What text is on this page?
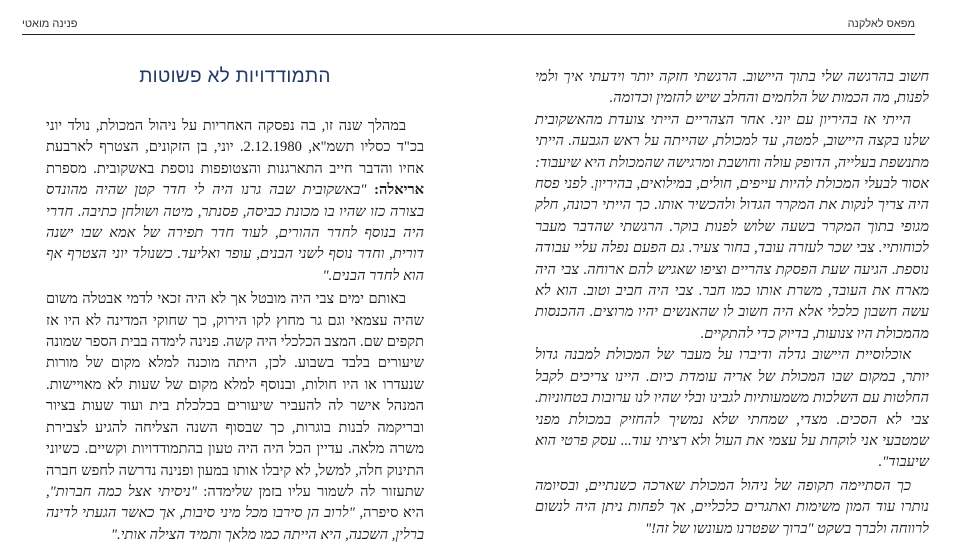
מפאס לאלקנה
פנינה מואטי
התמודדויות לא פשוטות

במהלך שנה זו, בה נפסקה האחריות על ניהול המכולת, נולד יוני בכ"ד כסליו תשמ"א, 2.12.1980. יוני, בן הזקונים, הצטרף לארבעת אחיו והדבר חייב התארגנות והצטופפות נוספת באשקובית. מספרת אריאלה: "באשקובית שבה גרנו היה לי חדר קטן שהיה מהונדס בצורה כזו שהיו בו מכונת כביסה, פסנתר, מיטה ושולחן כתיבה. חדרי היה בנוסף לחדר ההורים, לעוד חדר תפירה של אמא שבו ישנה דורית, וחדר נוסף לשני הבנים, עופר ואליעד. כשנולד יוני הצטרף אף הוא לחדר הבנים."

באותם ימים צבי היה מובטל אך לא היה זכאי לדמי אבטלה משום שהיה עצמאי וגם גר מחוץ לקו הירוק, כך שחוקי המדינה לא היו אז תקפים שם. המצב הכלכלי היה קשה. פנינה לימדה בבית הספר שמונה שיעורים בלבד בשבוע. לכן, היתה מוכנה למלא מקום של מורות שנעדרו או היו חולות, ובנוסף למלא מקום של שעות לא מאויישות. המנהל אישר לה להעביר שיעורים בכלכלת בית ועוד שעות בציור ובריקמה לבנות בוגרות, כך שבסוף השנה הצליחה להגיע לצבירת משרה מלאה. עדיין הכל היה היה טעון בהתמודדויות וקשיים. כשיוני התינוק חלה, למשל, לא קיבלו אותו במעון ופנינה נדרשה לחפש חברה שתעזור לה לשמור עליו בזמן שלימדה: "ניסיתי אצל כמה חברות", היא סיפרה, "לרוב הן סירבו מכל מיני סיבות, אך כאשר הגעתי לדינה ברלין, השכנה, היא הייתה כמו מלאך ותמיד הצילה אותי."

חשוב בהרגשה שלי בתוך היישוב. הרגשתי חזקה יותר וידעתי איך ולמי לפנות, מה הכמות של הלחמים והחלב שיש להזמין וכדומה.

הייתי אז בהיריון עם יוני. אחר הצהריים הייתי צועדת מהאשקובית שלנו בקצה היישוב, למטה, עד למכולת, שהייתה על ראש הגבעה. הייתי מתנשפת בעלייה, הדופק עולה וחושבת ומרגישה שהמכולת היא שיעבוד: אסור לבעלי המכולת להיות עייפים, חולים, במילואים, בהיריון. לפני פסח היה צריך לנקות את המקרר הגדול ולהכשיר אותו. כך הייתי רכונה, חלק מגופי בתוך המקרר בשעה שלוש לפנות בוקר. הרגשתי שהדבר מעבר לכוחותיי. צבי שכר לעזרה עובד, בחור צעיר. גם הפעם נפלה עליי עבודה נוספת. הגיעה שעת הפסקת צהריים וציפו שאגיש להם ארוחה. צבי היה מארח את העובד, משרת אותו כמו חבר. צבי היה חביב וטוב. הוא לא עשה חשבון כלכלי אלא היה חשוב לו שהאנשים יהיו מרוצים. ההכנסות מהמכולת היו צנועות, בדיוק כדי להתקיים.

אוכלוסיית היישוב גדלה ודיברו על מעבר של המכולת למבנה גדול יותר, במקום שבו המכולת של אריה עומדת כיום. היינו צריכים לקבל החלטות עם השלכות משמעותיות לגבינו ובלי שהיו לנו ערובות בטחוניות. צבי לא הסכים. מצדי, שמחתי שלא נמשיך להחזיק במכולת מפני שמטבעי אני לוקחת על עצמי את העול ולא רציתי עוד... עסק פרטי הוא שיעבוד".

כך הסתיימה תקופה של ניהול המכולת שארכה כשנתיים, ובסיומה נותרו עוד המון משימות ואתגרים כלכליים, אך לפחות ניתן היה לנשום לרווחה ולברך בשקט "ברוך שפטרנו מעונשו של זה!"
